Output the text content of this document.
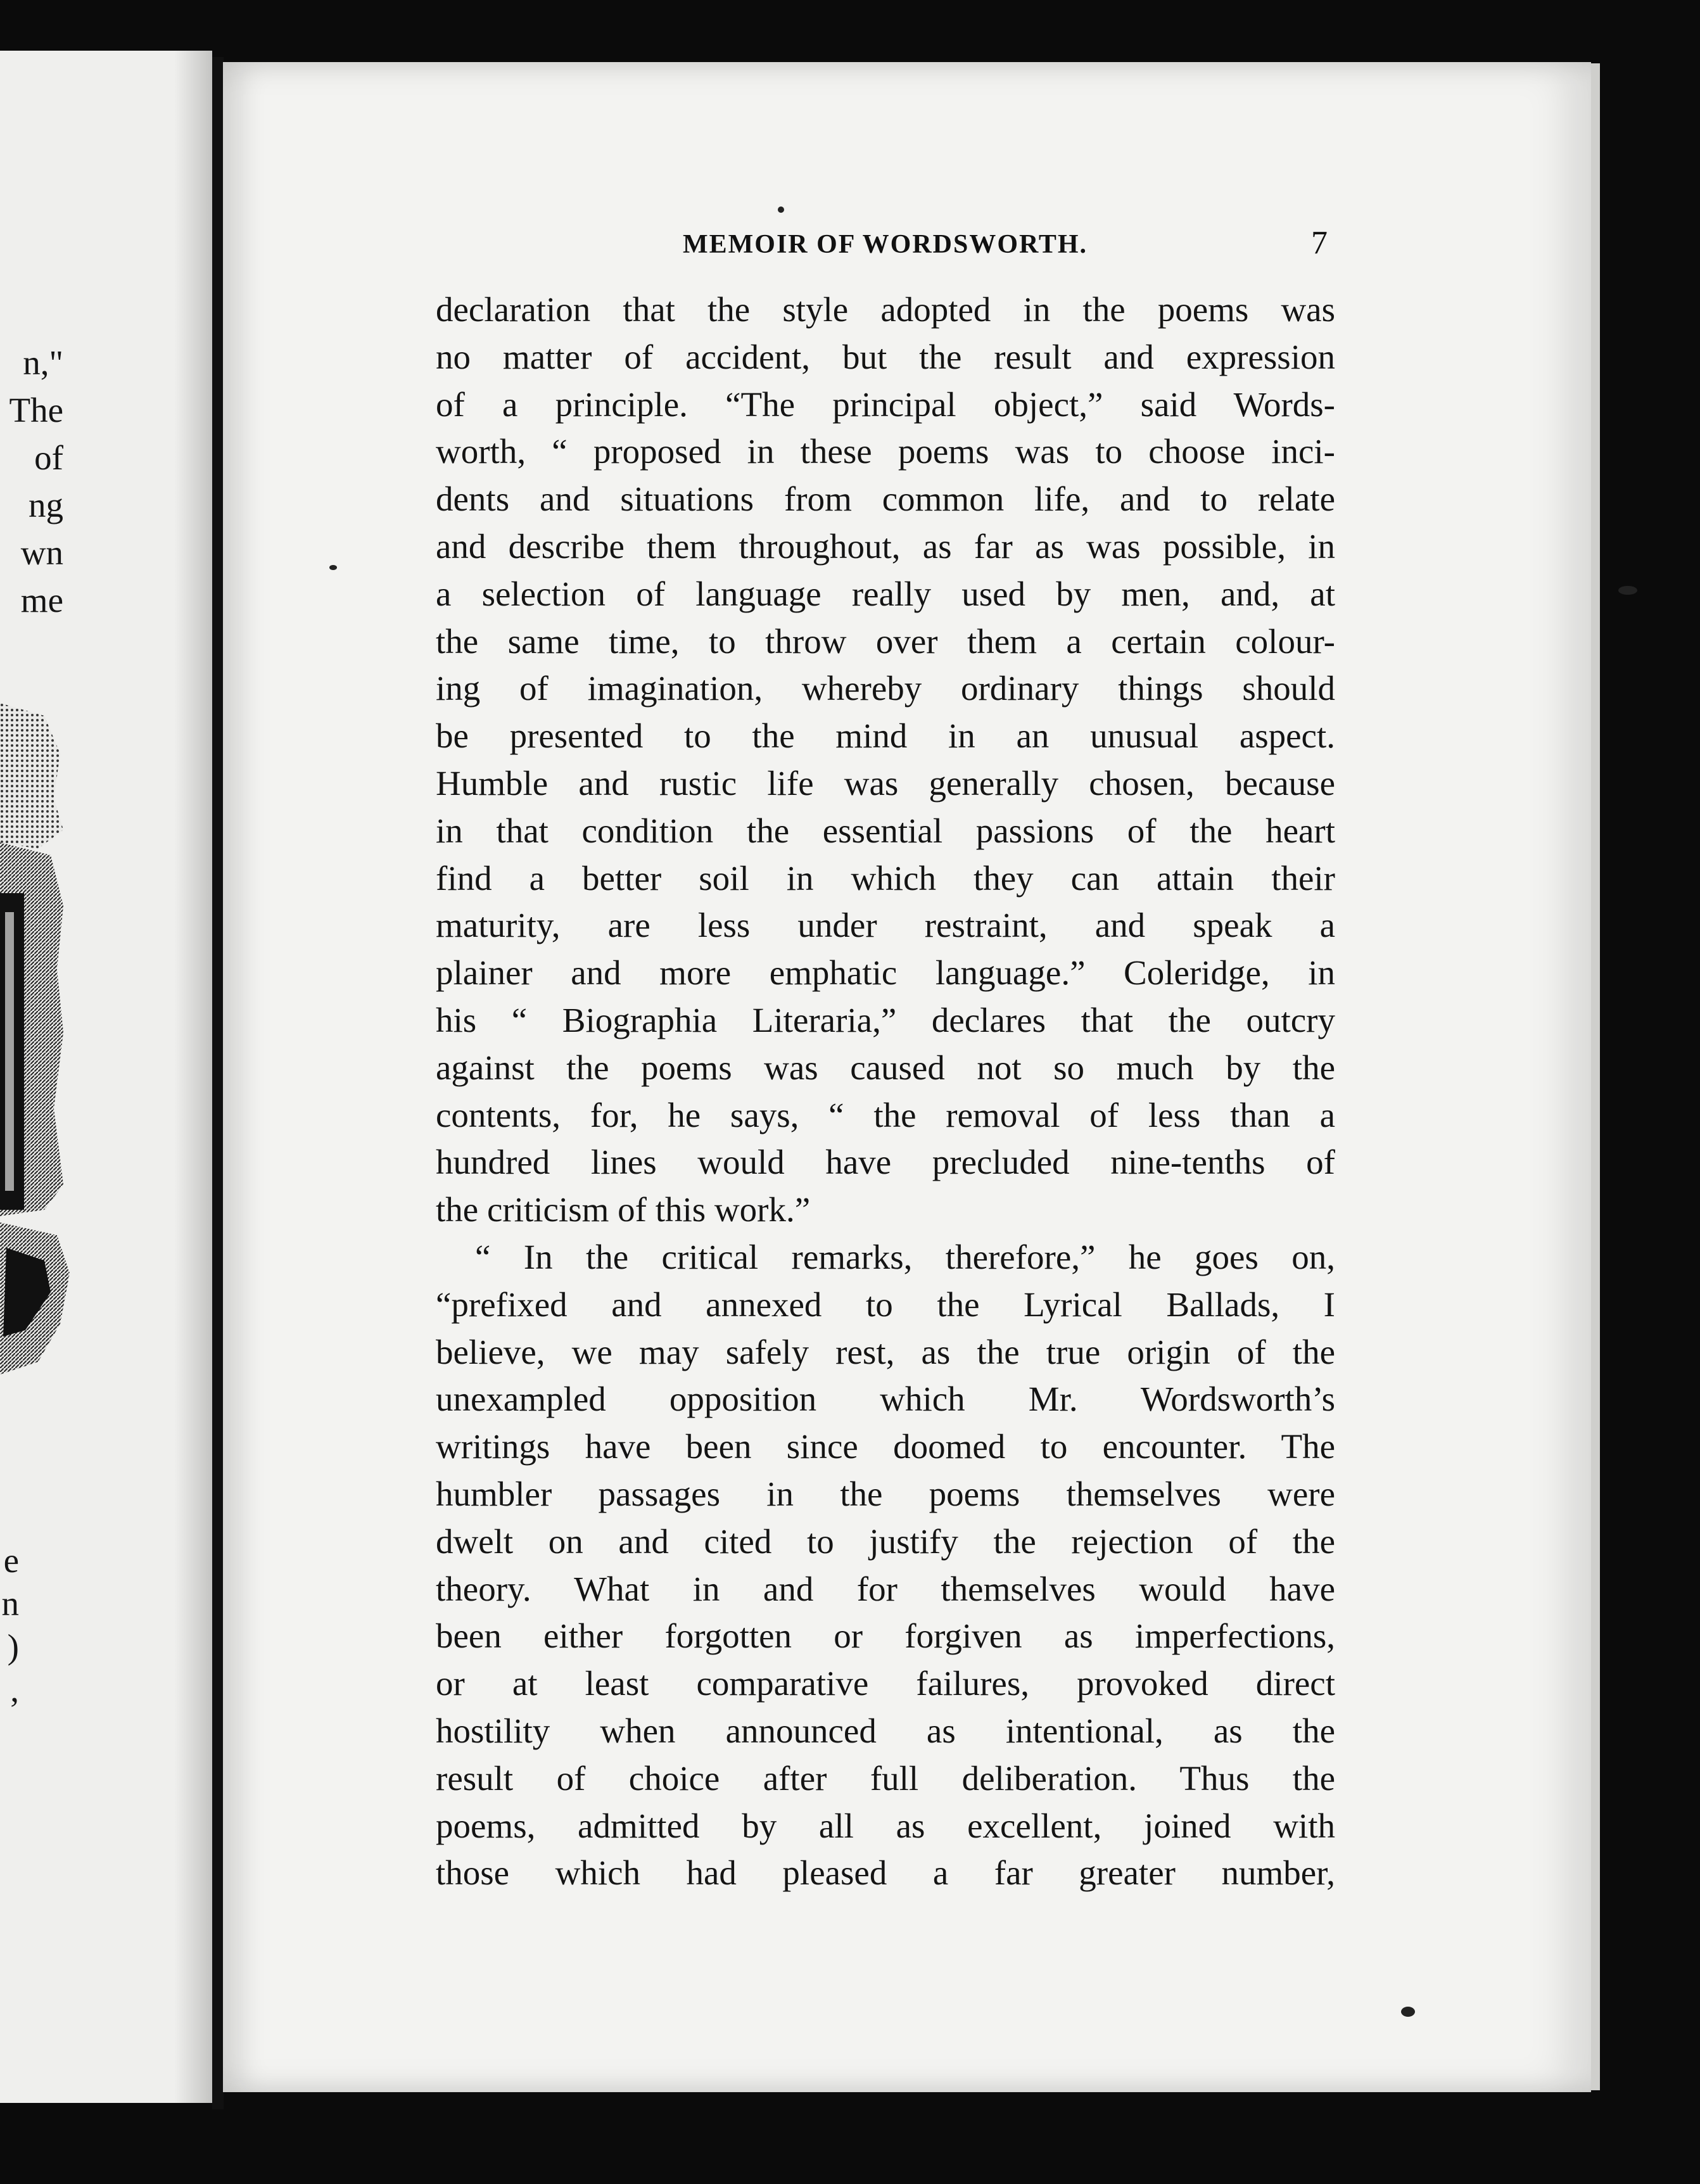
n,"
The
of
ng
wn
me
e
n
)
,
MEMOIR OF WORDSWORTH.	7
declaration that the style adopted in the poems was
no matter of accident, but the result and expression
of a principle. “The principal object,” said Words-
worth, “ proposed in these poems was to choose inci-
dents and situations from common life, and to relate
and describe them throughout, as far as was possible, in
a selection of language really used by men, and, at
the same time, to throw over them a certain colour-
ing of imagination, whereby ordinary things should
be presented to the mind in an unusual aspect.
Humble and rustic life was generally chosen, because
in that condition the essential passions of the heart
find a better soil in which they can attain their
maturity, are less under restraint, and speak a
plainer and more emphatic language.” Coleridge, in
his “ Biographia Literaria,” declares that the outcry
against the poems was caused not so much by the
contents, for, he says, “ the removal of less than a
hundred lines would have precluded nine-tenths of
the criticism of this work.”
“ In the critical remarks, therefore,” he goes on,
“prefixed and annexed to the Lyrical Ballads, I
believe, we may safely rest, as the true origin of the
unexampled opposition which Mr. Wordsworth’s
writings have been since doomed to encounter. The
humbler passages in the poems themselves were
dwelt on and cited to justify the rejection of the
theory. What in and for themselves would have
been either forgotten or forgiven as imperfections,
or at least comparative failures, provoked direct
hostility when announced as intentional, as the
result of choice after full deliberation. Thus the
poems, admitted by all as excellent, joined with
those which had pleased a far greater number,
